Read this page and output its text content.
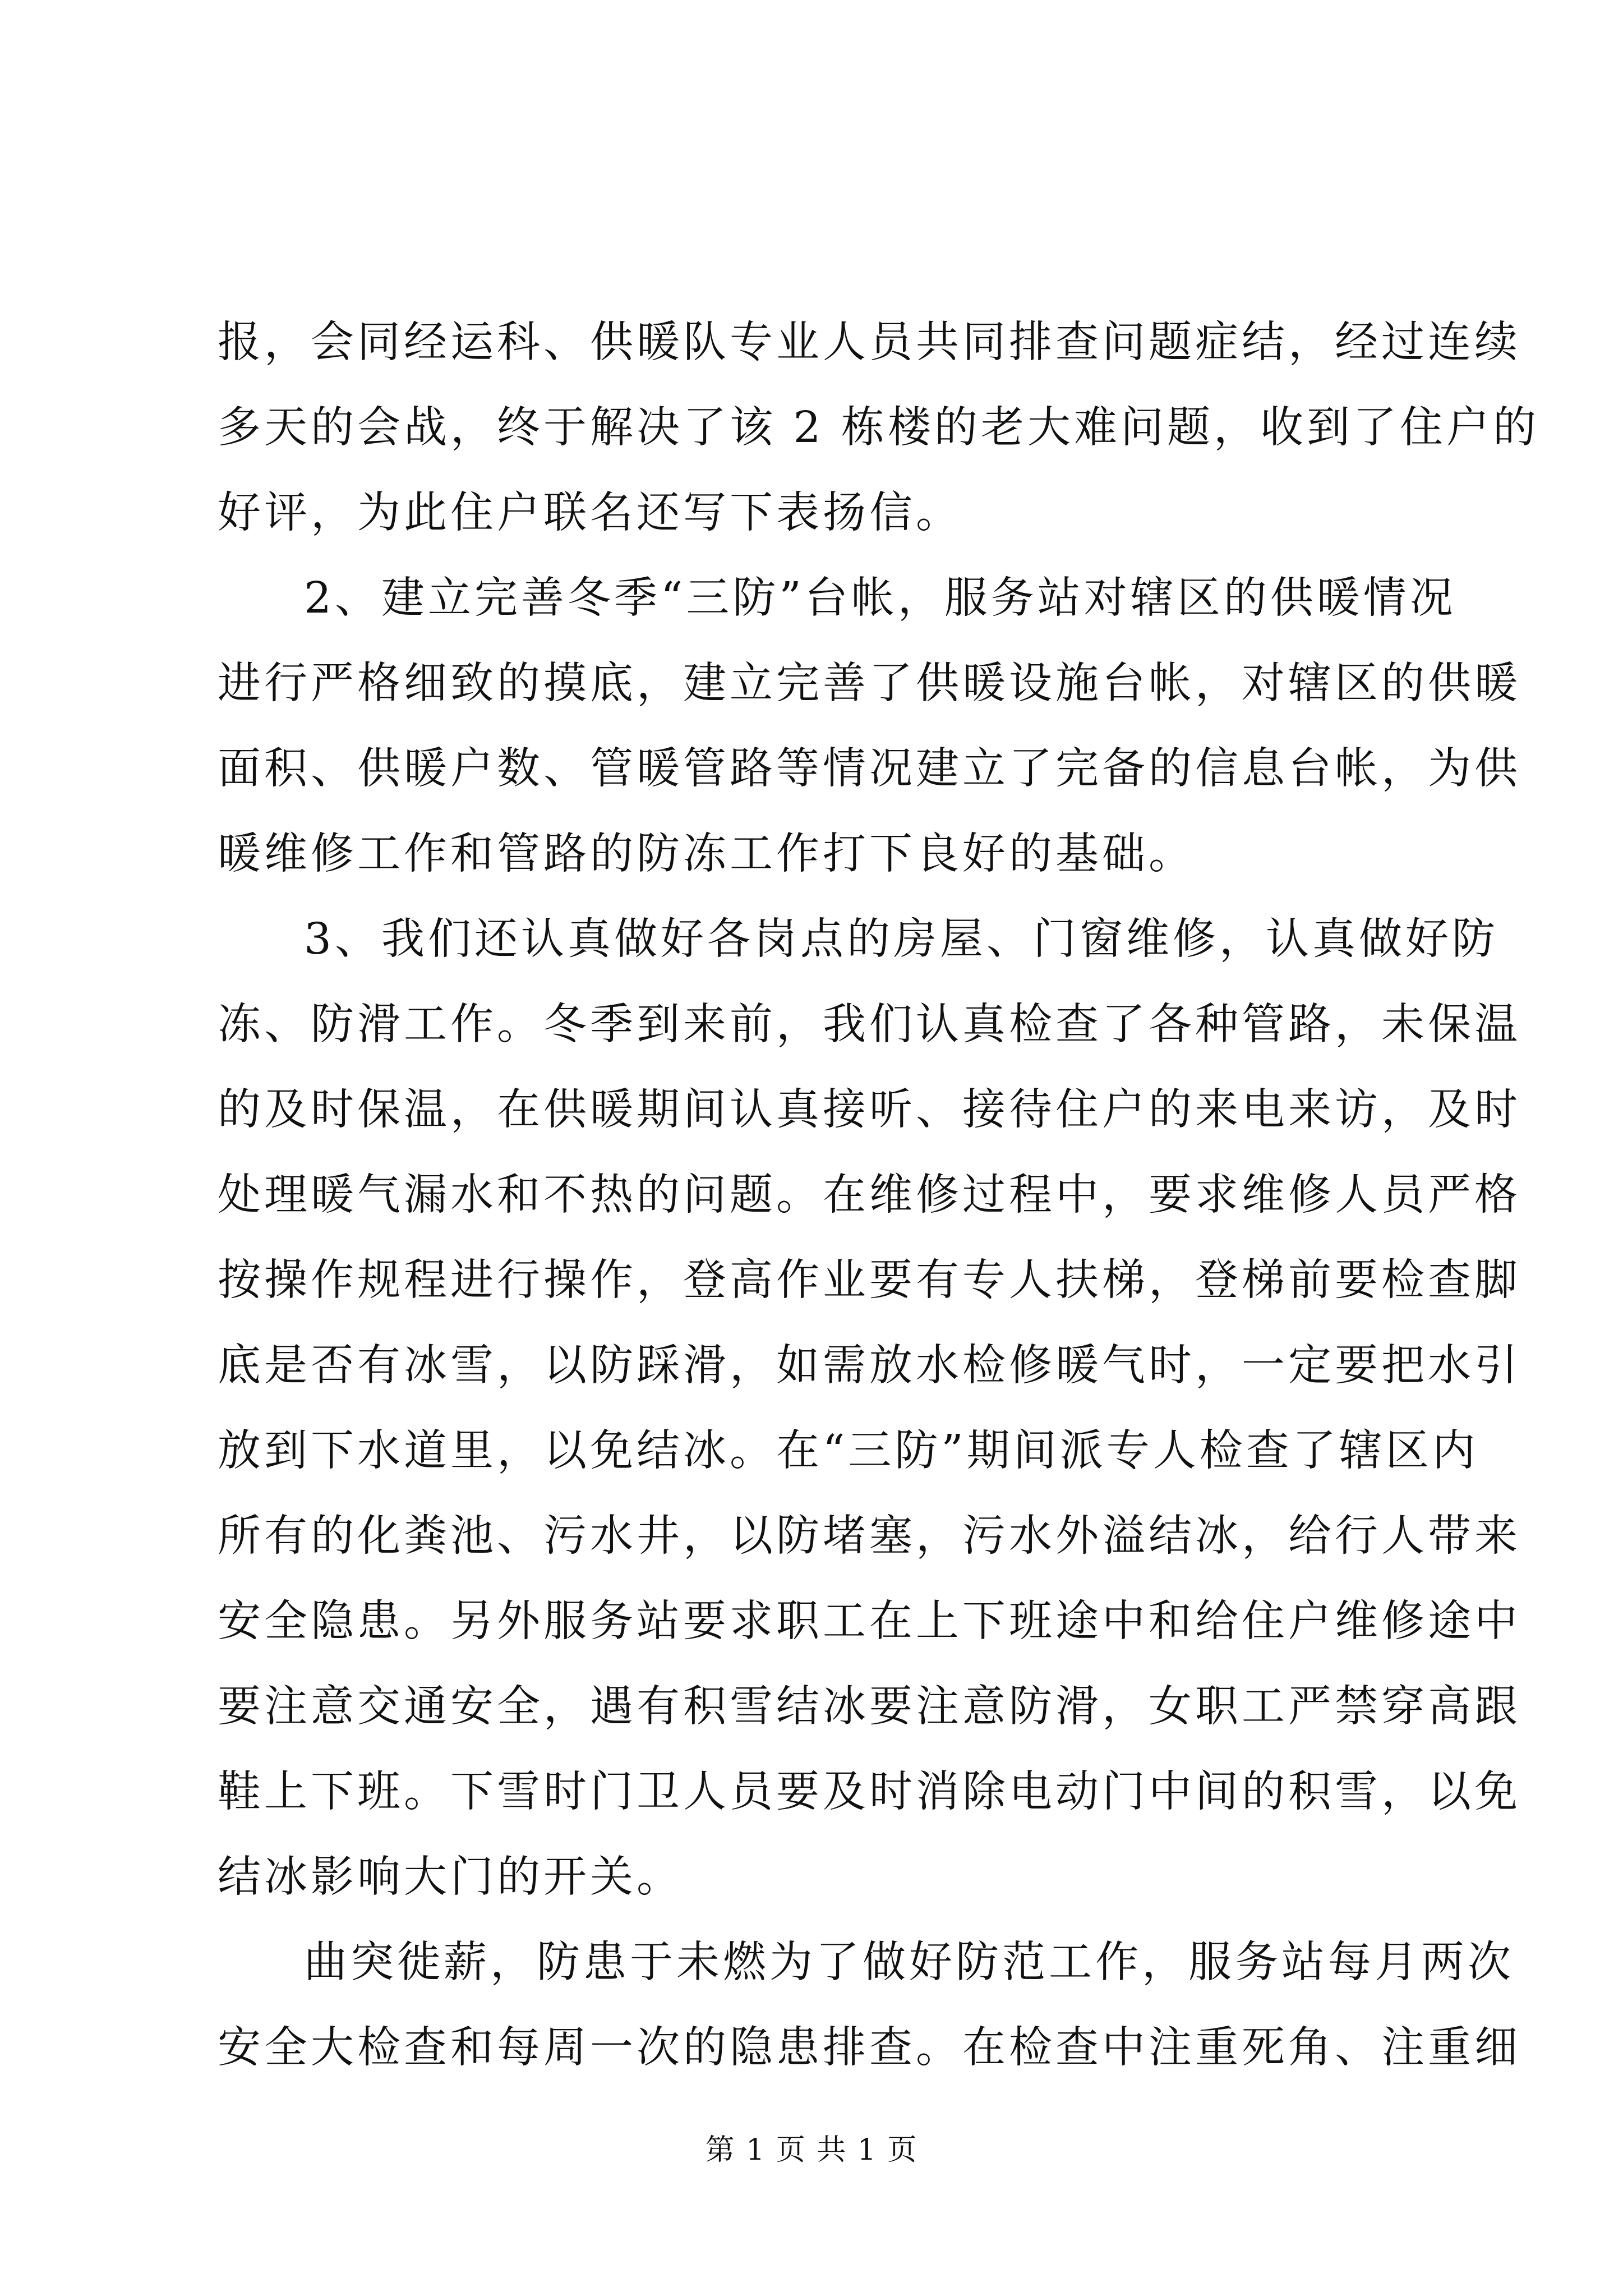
报，会同经运科、供暖队专业人员共同排查问题症结，经过连续
多天的会战，终于解决了该 2 栋楼的老大难问题，收到了住户的
好评，为此住户联名还写下表扬信。
2、建立完善冬季“三防”台帐，服务站对辖区的供暖情况
进行严格细致的摸底，建立完善了供暖设施台帐，对辖区的供暖
面积、供暖户数、管暖管路等情况建立了完备的信息台帐，为供
暖维修工作和管路的防冻工作打下良好的基础。
3、我们还认真做好各岗点的房屋、门窗维修，认真做好防
冻、防滑工作。冬季到来前，我们认真检查了各种管路，未保温
的及时保温，在供暖期间认真接听、接待住户的来电来访，及时
处理暖气漏水和不热的问题。在维修过程中，要求维修人员严格
按操作规程进行操作，登高作业要有专人扶梯，登梯前要检查脚
底是否有冰雪，以防踩滑，如需放水检修暖气时，一定要把水引
放到下水道里，以免结冰。在“三防”期间派专人检查了辖区内
所有的化粪池、污水井，以防堵塞，污水外溢结冰，给行人带来
安全隐患。另外服务站要求职工在上下班途中和给住户维修途中
要注意交通安全，遇有积雪结冰要注意防滑，女职工严禁穿高跟
鞋上下班。下雪时门卫人员要及时消除电动门中间的积雪，以免
结冰影响大门的开关。
曲突徙薪，防患于未燃为了做好防范工作，服务站每月两次
安全大检查和每周一次的隐患排查。在检查中注重死角、注重细
第 1 页 共 1 页
